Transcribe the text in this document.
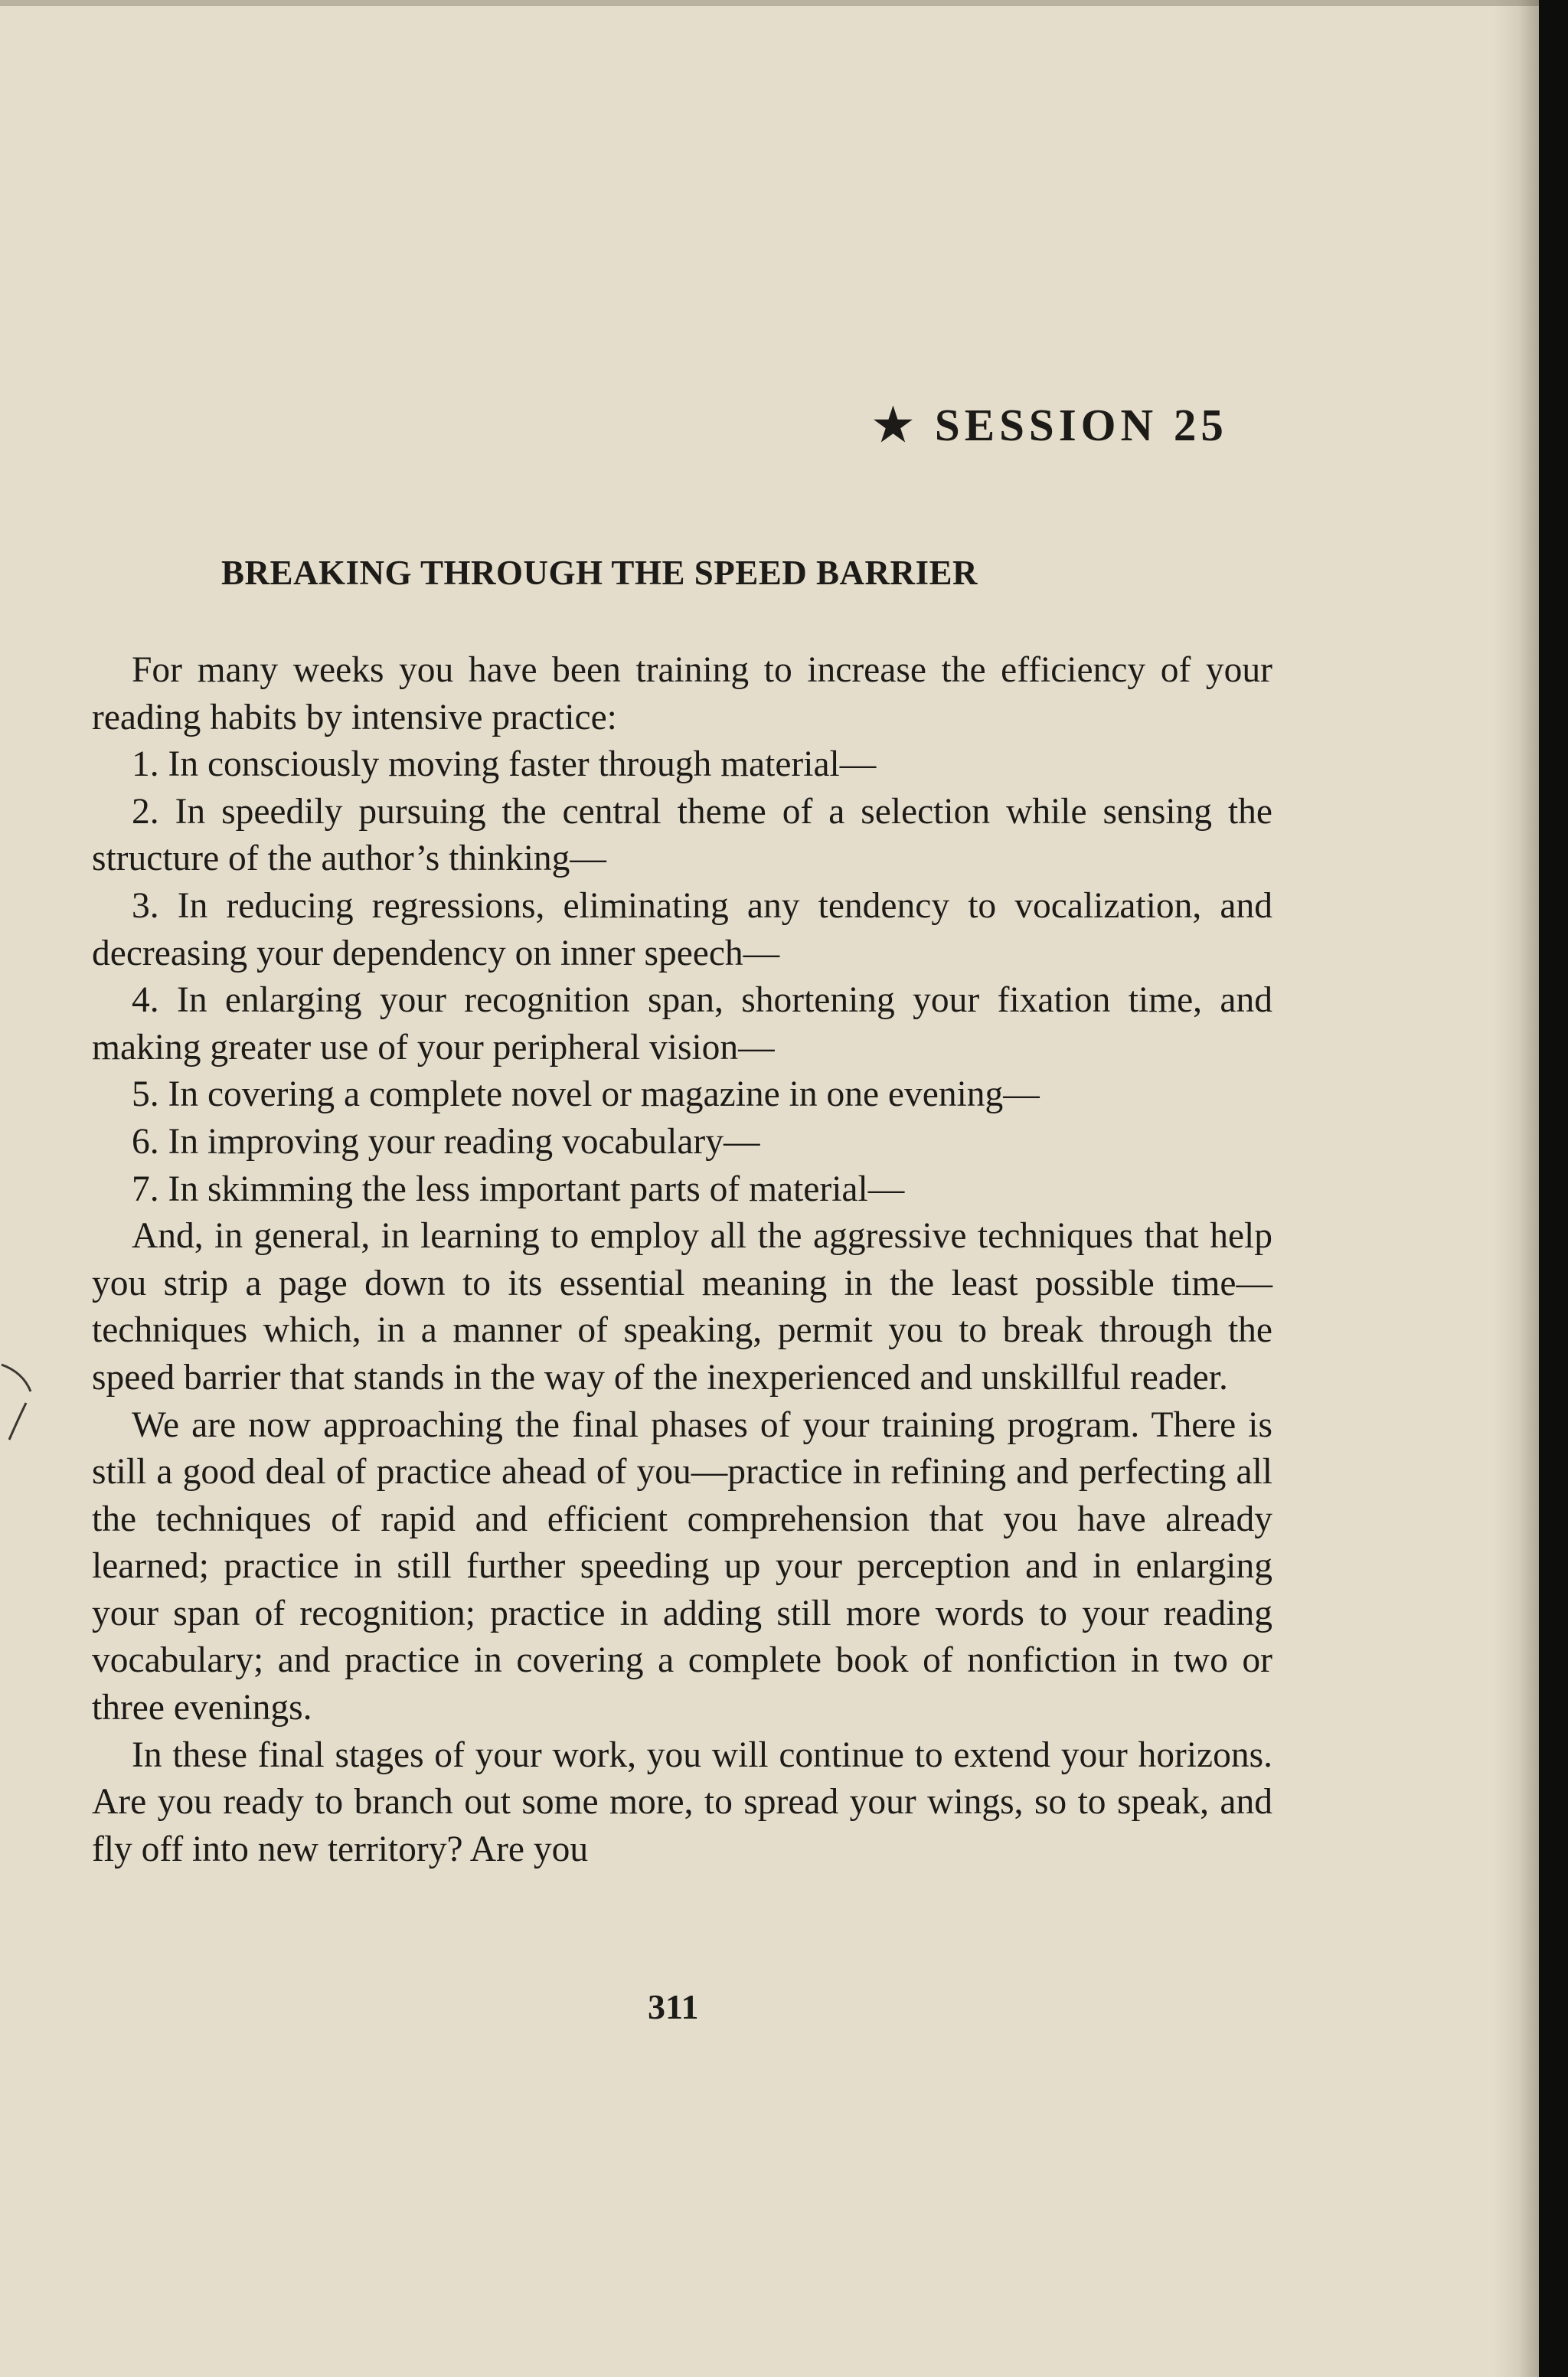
★ SESSION 25
BREAKING THROUGH THE SPEED BARRIER

For many weeks you have been training to increase the efficiency of your reading habits by intensive practice:

1. In consciously moving faster through material—

2. In speedily pursuing the central theme of a selection while sensing the structure of the author’s thinking—

3. In reducing regressions, eliminating any tendency to vocalization, and decreasing your dependency on inner speech—

4. In enlarging your recognition span, shortening your fixation time, and making greater use of your peripheral vision—

5. In covering a complete novel or magazine in one evening—

6. In improving your reading vocabulary—

7. In skimming the less important parts of material—

And, in general, in learning to employ all the aggressive techniques that help you strip a page down to its essential meaning in the least possible time—techniques which, in a manner of speaking, permit you to break through the speed barrier that stands in the way of the inexperienced and unskillful reader.

We are now approaching the final phases of your training program. There is still a good deal of practice ahead of you—practice in refining and perfecting all the techniques of rapid and efficient comprehension that you have already learned; practice in still further speeding up your perception and in enlarging your span of recognition; practice in adding still more words to your reading vocabulary; and practice in covering a complete book of nonfiction in two or three evenings.

In these final stages of your work, you will continue to extend your horizons. Are you ready to branch out some more, to spread your wings, so to speak, and fly off into new territory? Are you

311
